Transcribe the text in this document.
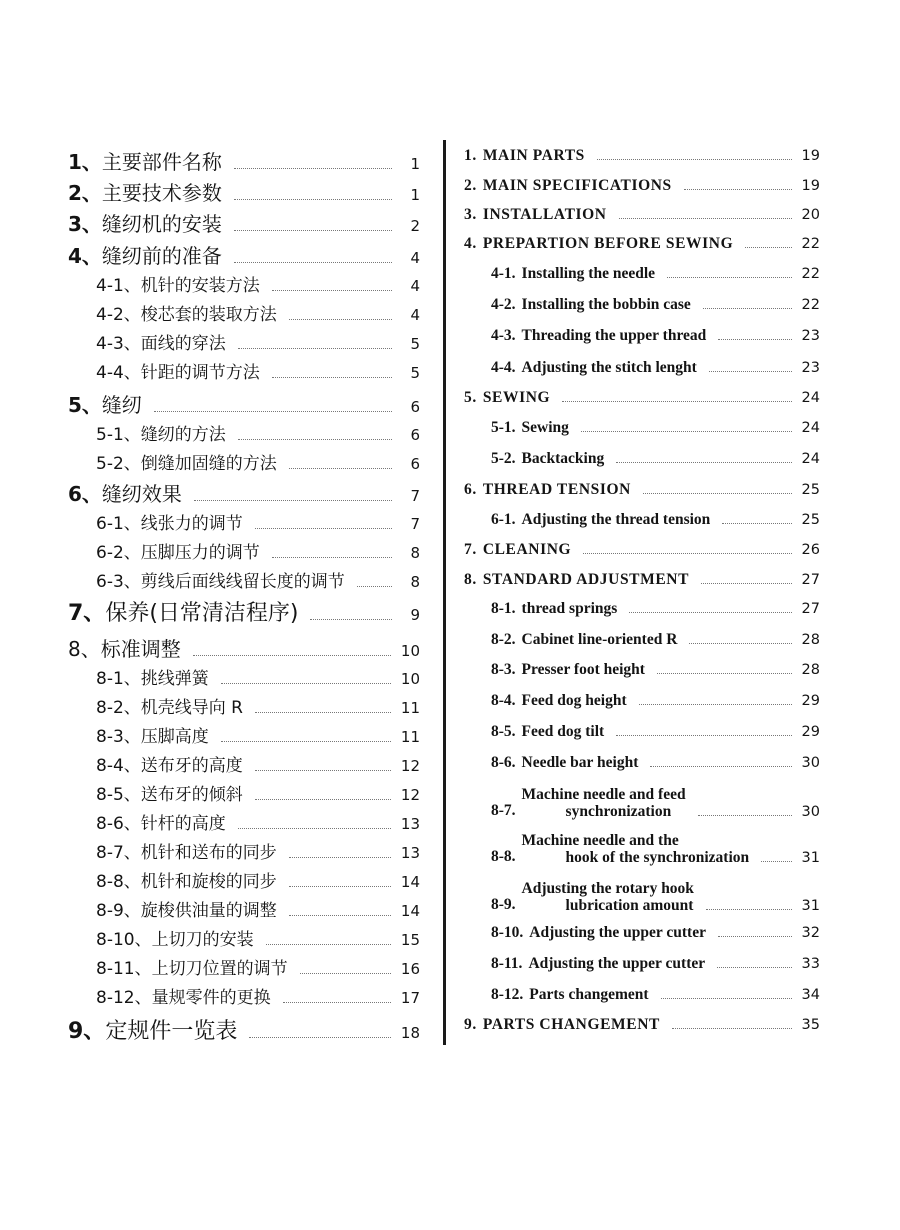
1、 主要部件名称	1
2、 主要技术参数	1
3、 缝纫机的安装	2
4、 缝纫前的准备	4
4-1、 机针的安装方法	4
4-2、 梭芯套的装取方法	4
4-3、 面线的穿法	5
4-4、 针距的调节方法	5
5、 缝纫	6
5-1、 缝纫的方法	6
5-2、 倒缝加固缝的方法	6
6、 缝纫效果	7
6-1、 线张力的调节	7
6-2、 压脚压力的调节	8
6-3、 剪线后面线线留长度的调节	8
7、 保养(日常清洁程序)	9
8、 标准调整	10
8-1、 挑线弹簧	10
8-2、 机壳线导向 R	11
8-3、 压脚高度	11
8-4、 送布牙的高度	12
8-5、 送布牙的倾斜	12
8-6、 针杆的高度	13
8-7、 机针和送布的同步	13
8-8、 机针和旋梭的同步	14
8-9、 旋梭供油量的调整	14
8-10、 上切刀的安装	15
8-11、 上切刀位置的调节	16
8-12、 量规零件的更换	17
9、 定规件一览表	18
1. MAIN PARTS	19
2. MAIN SPECIFICATIONS	19
3. INSTALLATION	20
4. PREPARTION BEFORE SEWING	22
4-1. Installing the needle	22
4-2. Installing the bobbin case	22
4-3. Threading the upper thread	23
4-4. Adjusting the stitch lenght	23
5. SEWING	24
5-1. Sewing	24
5-2. Backtacking	24
6. THREAD TENSION	25
6-1. Adjusting the thread tension	25
7. CLEANING	26
8. STANDARD ADJUSTMENT	27
8-1. thread springs	27
8-2. Cabinet line-oriented R	28
8-3. Presser foot height	28
8-4. Feed dog height	29
8-5. Feed dog tilt	29
8-6. Needle bar height	30
8-7.
Machine needle and feed
synchronization	30
8-8.
Machine needle and the
hook of the synchronization	31
8-9.
Adjusting the rotary hook
lubrication amount	31
8-10. Adjusting the upper cutter	32
8-11. Adjusting the upper cutter	33
8-12. Parts changement	34
9. PARTS CHANGEMENT	35
